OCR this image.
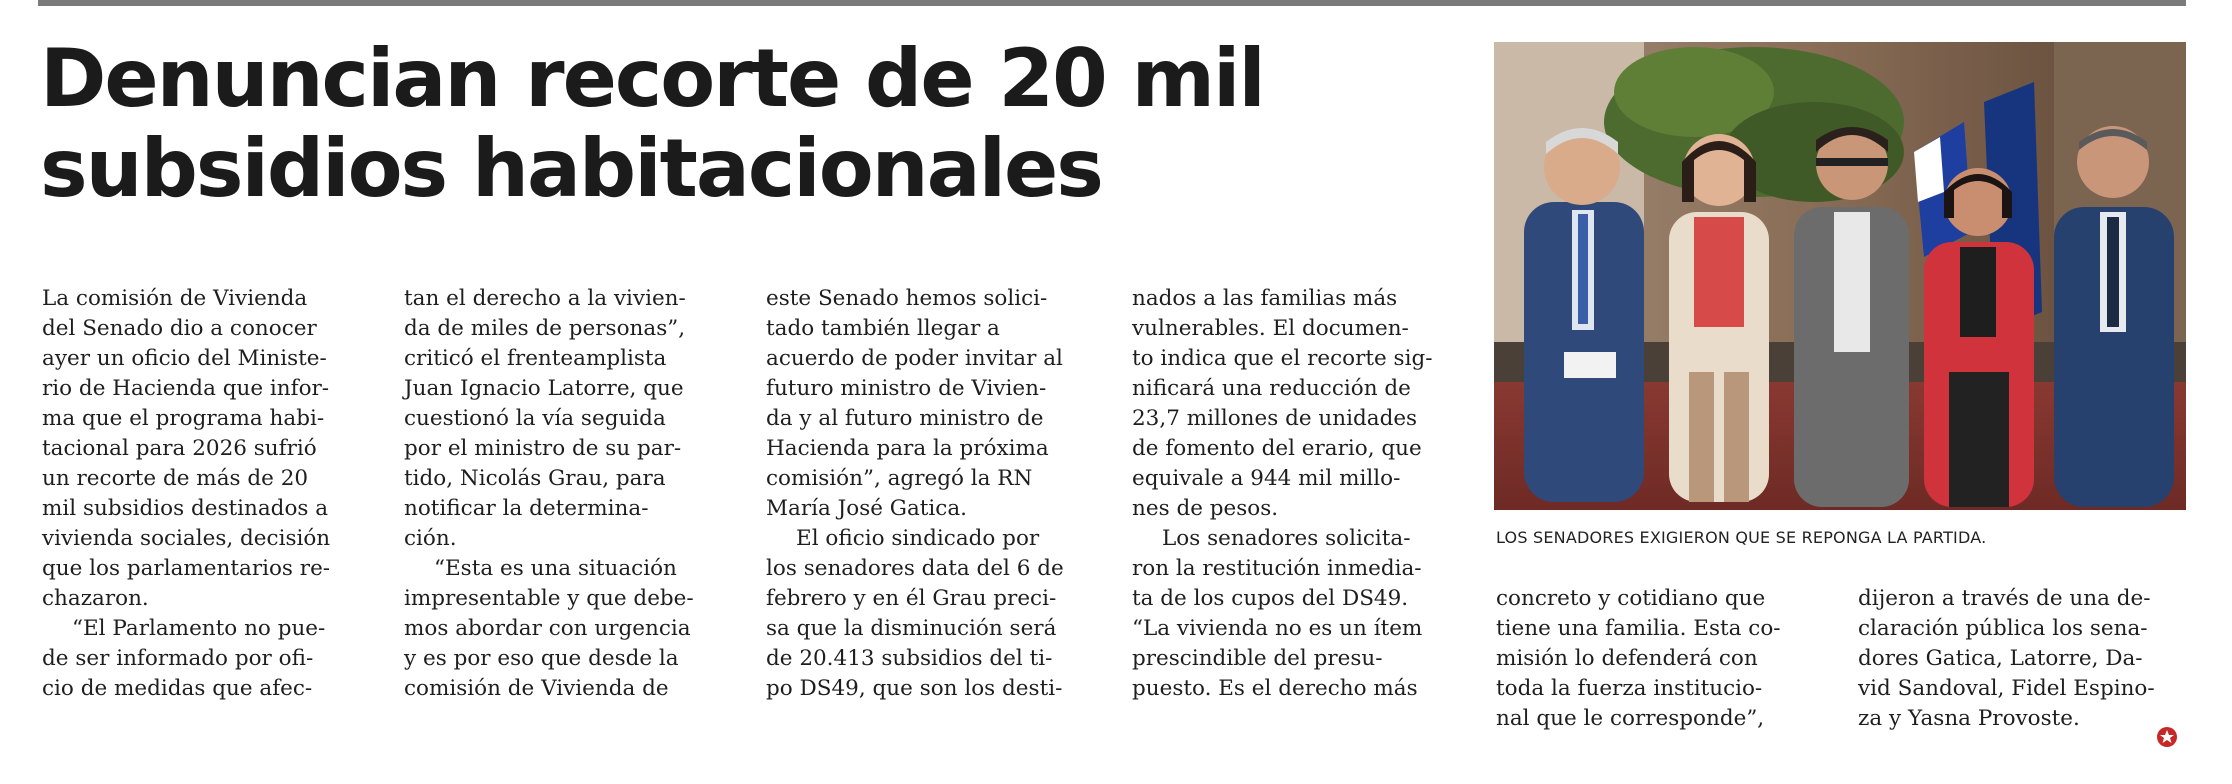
Denuncian recorte de 20 mil
subsidios habitacionales
La comisión de Vivienda
del Senado dio a conocer
ayer un oficio del Ministe-
rio de Hacienda que infor-
ma que el programa habi-
tacional para 2026 sufrió
un recorte de más de 20
mil subsidios destinados a
vivienda sociales, decisión
que los parlamentarios re-
chazaron.
“El Parlamento no pue-
de ser informado por ofi-
cio de medidas que afec-
tan el derecho a la vivien-
da de miles de personas”,
criticó el frenteamplista
Juan Ignacio Latorre, que
cuestionó la vía seguida
por el ministro de su par-
tido, Nicolás Grau, para
notificar la determina-
ción.
“Esta es una situación
impresentable y que debe-
mos abordar con urgencia
y es por eso que desde la
comisión de Vivienda de
este Senado hemos solici-
tado también llegar a
acuerdo de poder invitar al
futuro ministro de Vivien-
da y al futuro ministro de
Hacienda para la próxima
comisión”, agregó la RN
María José Gatica.
El oficio sindicado por
los senadores data del 6 de
febrero y en él Grau preci-
sa que la disminución será
de 20.413 subsidios del ti-
po DS49, que son los desti-
nados a las familias más
vulnerables. El documen-
to indica que el recorte sig-
nificará una reducción de
23,7 millones de unidades
de fomento del erario, que
equivale a 944 mil millo-
nes de pesos.
Los senadores solicita-
ron la restitución inmedia-
ta de los cupos del DS49.
“La vivienda no es un ítem
prescindible del presu-
puesto. Es el derecho más
concreto y cotidiano que
tiene una familia. Esta co-
misión lo defenderá con
toda la fuerza institucio-
nal que le corresponde”,
dijeron a través de una de-
claración pública los sena-
dores Gatica, Latorre, Da-
vid Sandoval, Fidel Espino-
za y Yasna Provoste.
LOS SENADORES EXIGIERON QUE SE REPONGA LA PARTIDA.
